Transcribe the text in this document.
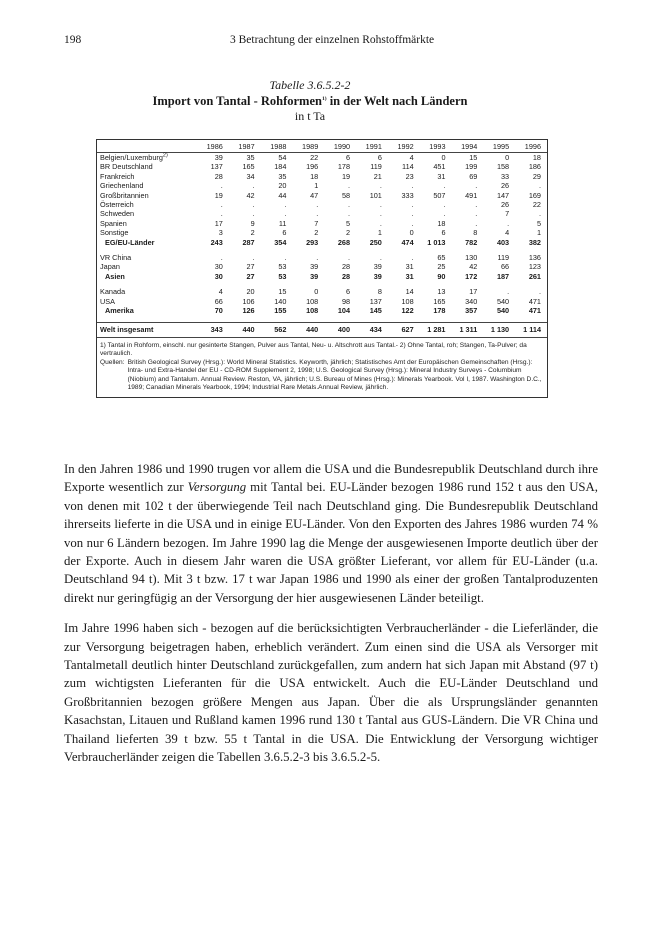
198	3 Betrachtung der einzelnen Rohstoffmärkte
Tabelle 3.6.5.2-2
Import von Tantal - Rohformen$^{1)}$ in der Welt nach Ländern
in t Ta
	1986	1987	1988	1989	1990	1991	1992	1993	1994	1995	1996
Belgien/Luxemburg$^{2)}$	39	35	54	22	6	6	4	0	15	0	18
BR Deutschland	137	165	184	196	178	119	114	451	199	158	186
Frankreich	28	34	35	18	19	21	23	31	69	33	29
Griechenland	.	.	20	1	.	.	.	.	.	26	.
Großbritannien	19	42	44	47	58	101	333	507	491	147	169
Österreich	.	.	.	.	.	.	.	.	.	26	22
Schweden	.	.	.	.	.	.	.	.	.	7	.
Spanien	17	9	11	7	5	.	.	18	.	.	5
Sonstige	3	2	6	2	2	1	0	6	8	4	1
EG/EU-Länder	243	287	354	293	268	250	474	1 013	782	403	382

VR China	.	.	.	.	.	.	.	65	130	119	136
Japan	30	27	53	39	28	39	31	25	42	66	123
Asien	30	27	53	39	28	39	31	90	172	187	261

Kanada	4	20	15	0	6	8	14	13	17	.	.
USA	66	106	140	108	98	137	108	165	340	540	471
Amerika	70	126	155	108	104	145	122	178	357	540	471

Welt insgesamt	343	440	562	440	400	434	627	1 281	1 311	1 130	1 114
1) Tantal in Rohform, einschl. nur gesinterte Stangen, Pulver aus Tantal, Neu- u. Altschrott aus Tantal.- 2) Ohne Tantal, roh; Stangen, Ta-Pulver; da vertraulich.
Quellen: British Geological Survey (Hrsg.): World Mineral Statistics. Keyworth, jährlich; Statistisches Amt der Europäischen Gemeinschaften (Hrsg.): Intra- und Extra-Handel der EU - CD-ROM Supplement 2, 1998; U.S. Geological Survey (Hrsg.): Mineral Industry Surveys - Columbium (Niobium) and Tantalum. Annual Review. Reston, VA, jährlich; U.S. Bureau of Mines (Hrsg.): Minerals Yearbook. Vol I, 1987. Washington D.C., 1989; Canadian Minerals Yearbook, 1994; Industrial Rare Metals.Annual Review, jährlich.

In den Jahren 1986 und 1990 trugen vor allem die USA und die Bundesrepublik Deutschland durch ihre Exporte wesentlich zur Versorgung mit Tantal bei. EU-Länder bezogen 1986 rund 152 t aus den USA, von denen mit 102 t der überwiegende Teil nach Deutschland ging. Die Bundesrepublik Deutschland ihrerseits lieferte in die USA und in einige EU-Länder. Von den Exporten des Jahres 1986 wurden 74 % von nur 6 Ländern bezogen. Im Jahre 1990 lag die Menge der ausgewiesenen Importe deutlich über der der Exporte. Auch in diesem Jahr waren die USA größter Lieferant, vor allem für EU-Länder (u.a. Deutschland 94 t). Mit 3 t bzw. 17 t war Japan 1986 und 1990 als einer der großen Tantalproduzenten direkt nur geringfügig an der Versorgung der hier ausgewiesenen Länder beteiligt.

Im Jahre 1996 haben sich - bezogen auf die berücksichtigten Verbraucherländer - die Lieferländer, die zur Versorgung beigetragen haben, erheblich verändert. Zum einen sind die USA als Versorger mit Tantalmetall deutlich hinter Deutschland zurückgefallen, zum andern hat sich Japan mit Abstand (97 t) zum wichtigsten Lieferanten für die USA entwickelt. Auch die EU-Länder Deutschland und Großbritannien bezogen größere Mengen aus Japan. Über die als Ursprungsländer genannten Kasachstan, Litauen und Rußland kamen 1996 rund 130 t Tantal aus GUS-Ländern. Die VR China und Thailand lieferten 39 t bzw. 55 t Tantal in die USA. Die Entwicklung der Versorgung wichtiger Verbraucherländer zeigen die Tabellen 3.6.5.2-3 bis 3.6.5.2-5.
